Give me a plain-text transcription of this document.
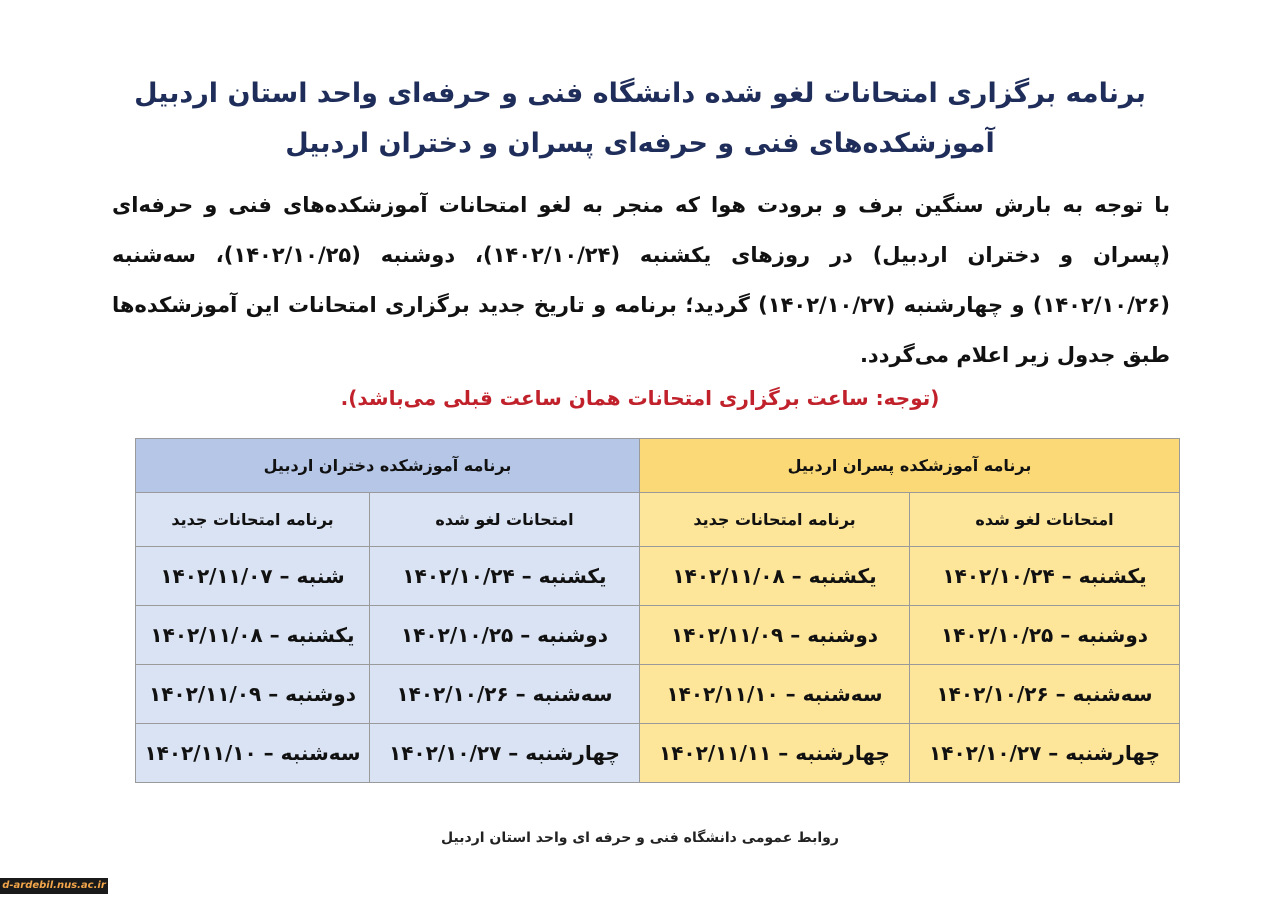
برنامه برگزاری امتحانات لغو شده دانشگاه فنی و حرفه‌ای واحد استان اردبیل
آموزشکده‌های فنی و حرفه‌ای پسران و دختران اردبیل
با توجه به بارش سنگین برف و برودت هوا که منجر به لغو امتحانات آموزشکده‌های فنی و حرفه‌ای (پسران و دختران اردبیل) در روزهای یکشنبه (۱۴۰۲/۱۰/۲۴)، دوشنبه (۱۴۰۲/۱۰/۲۵)، سه‌شنبه (۱۴۰۲/۱۰/۲۶) و چهارشنبه (۱۴۰۲/۱۰/۲۷) گردید؛ برنامه و تاریخ جدید برگزاری امتحانات این آموزشکده‌ها طبق جدول زیر اعلام می‌گردد.
(توجه: ساعت برگزاری امتحانات همان ساعت قبلی می‌باشد).
برنامه آموزشکده پسران اردبیل		برنامه آموزشکده دختران اردبیل	
امتحانات لغو شده	برنامه امتحانات جدید	امتحانات لغو شده	برنامه امتحانات جدید
یکشنبه – ۱۴۰۲/۱۰/۲۴	یکشنبه – ۱۴۰۲/۱۱/۰۸	یکشنبه – ۱۴۰۲/۱۰/۲۴	شنبه – ۱۴۰۲/۱۱/۰۷
دوشنبه – ۱۴۰۲/۱۰/۲۵	دوشنبه – ۱۴۰۲/۱۱/۰۹	دوشنبه – ۱۴۰۲/۱۰/۲۵	یکشنبه – ۱۴۰۲/۱۱/۰۸
سه‌شنبه – ۱۴۰۲/۱۰/۲۶	سه‌شنبه – ۱۴۰۲/۱۱/۱۰	سه‌شنبه – ۱۴۰۲/۱۰/۲۶	دوشنبه – ۱۴۰۲/۱۱/۰۹
چهارشنبه – ۱۴۰۲/۱۰/۲۷	چهارشنبه – ۱۴۰۲/۱۱/۱۱	چهارشنبه – ۱۴۰۲/۱۰/۲۷	سه‌شنبه – ۱۴۰۲/۱۱/۱۰
روابط عمومی دانشگاه فنی و حرفه ای واحد استان اردبیل
d-ardebil.nus.ac.ir
